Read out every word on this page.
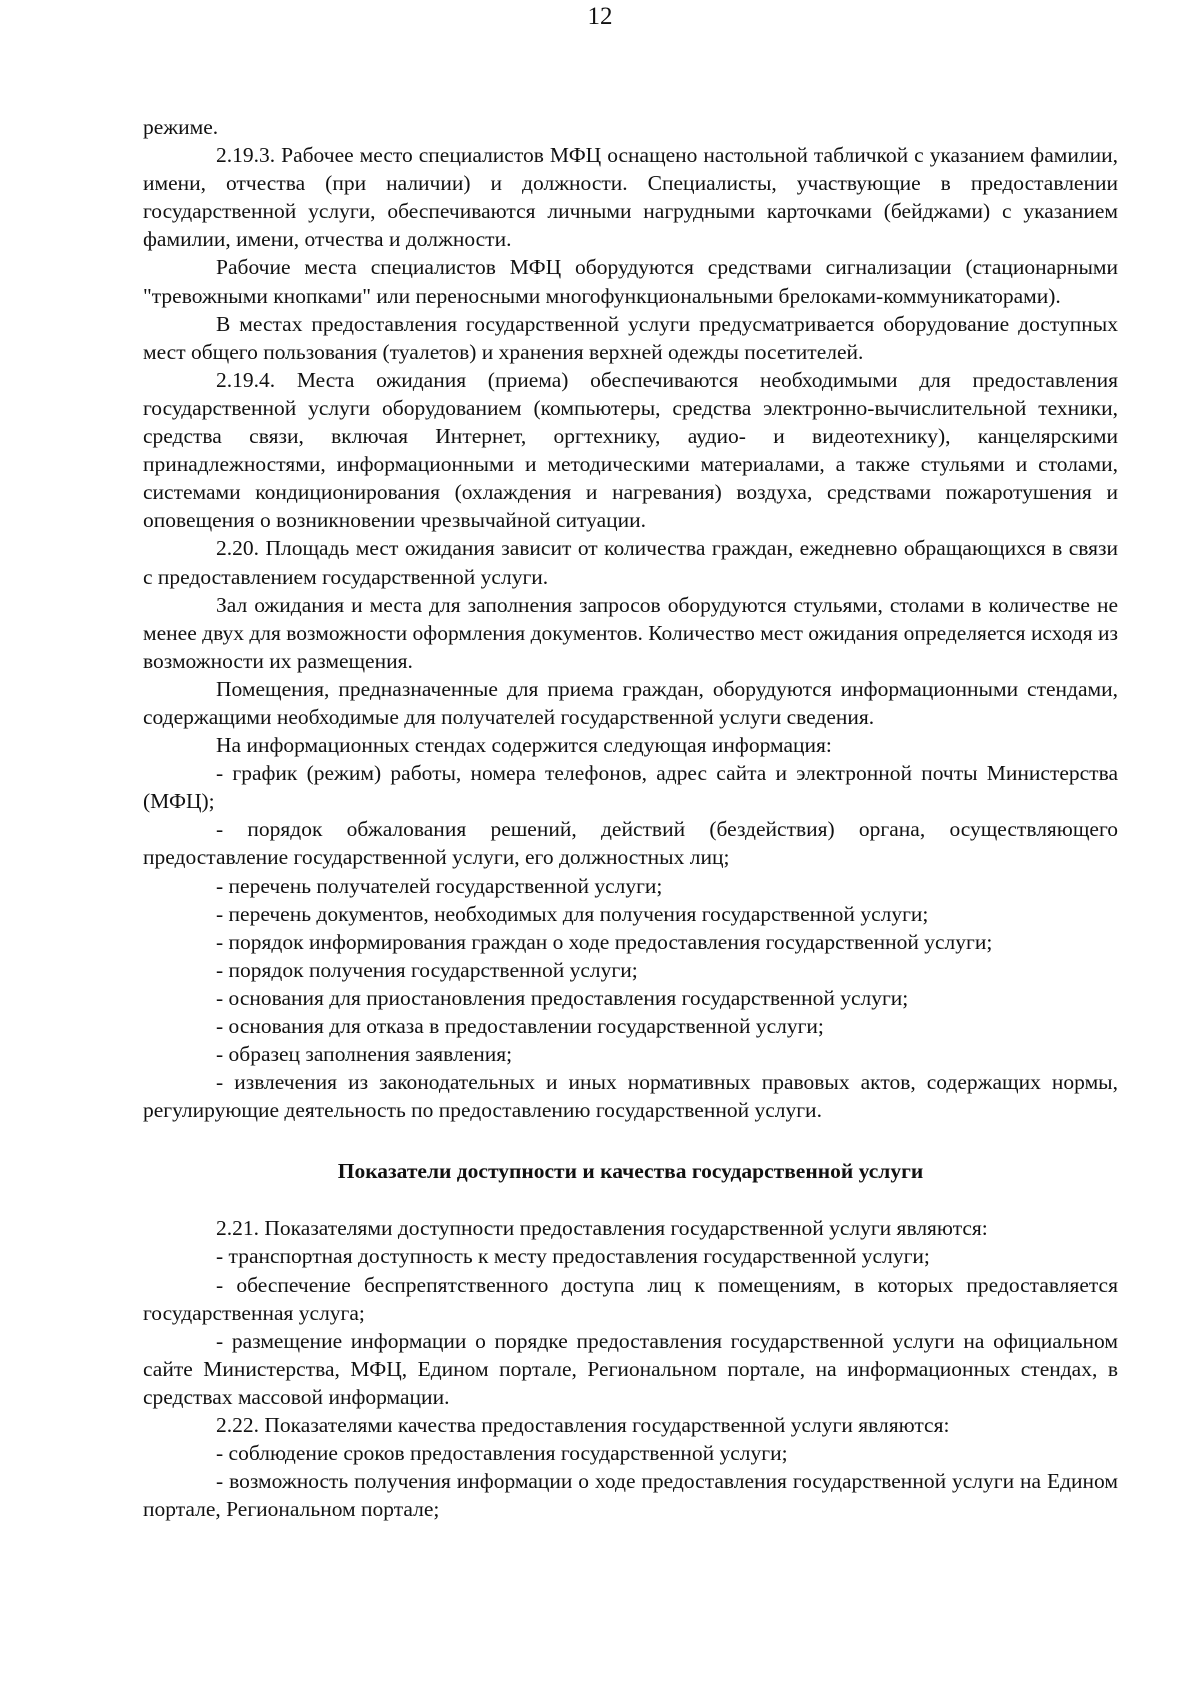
12

режиме.

2.19.3. Рабочее место специалистов МФЦ оснащено настольной табличкой с указанием фамилии, имени, отчества (при наличии) и должности. Специалисты, участвующие в предоставлении государственной услуги, обеспечиваются личными нагрудными карточками (бейджами) с указанием фамилии, имени, отчества и должности.

Рабочие места специалистов МФЦ оборудуются средствами сигнализации (стационарными "тревожными кнопками" или переносными многофункциональными брелоками-коммуникаторами).

В местах предоставления государственной услуги предусматривается оборудование доступных мест общего пользования (туалетов) и хранения верхней одежды посетителей.

2.19.4. Места ожидания (приема) обеспечиваются необходимыми для предоставления государственной услуги оборудованием (компьютеры, средства электронно-вычислительной техники, средства связи, включая Интернет, оргтехнику, аудио- и видеотехнику), канцелярскими принадлежностями, информационными и методическими материалами, а также стульями и столами, системами кондиционирования (охлаждения и нагревания) воздуха, средствами пожаротушения и оповещения о возникновении чрезвычайной ситуации.

2.20. Площадь мест ожидания зависит от количества граждан, ежедневно обращающихся в связи с предоставлением государственной услуги.

Зал ожидания и места для заполнения запросов оборудуются стульями, столами в количестве не менее двух для возможности оформления документов. Количество мест ожидания определяется исходя из возможности их размещения.

Помещения, предназначенные для приема граждан, оборудуются информационными стендами, содержащими необходимые для получателей государственной услуги сведения.

На информационных стендах содержится следующая информация:

- график (режим) работы, номера телефонов, адрес сайта и электронной почты Министерства (МФЦ);

- порядок обжалования решений, действий (бездействия) органа, осуществляющего предоставление государственной услуги, его должностных лиц;

- перечень получателей государственной услуги;

- перечень документов, необходимых для получения государственной услуги;

- порядок информирования граждан о ходе предоставления государственной услуги;

- порядок получения государственной услуги;

- основания для приостановления предоставления государственной услуги;

- основания для отказа в предоставлении государственной услуги;

- образец заполнения заявления;

- извлечения из законодательных и иных нормативных правовых актов, содержащих нормы, регулирующие деятельность по предоставлению государственной услуги.

Показатели доступности и качества государственной услуги

2.21. Показателями доступности предоставления государственной услуги являются:

- транспортная доступность к месту предоставления государственной услуги;

- обеспечение беспрепятственного доступа лиц к помещениям, в которых предоставляется государственная услуга;

- размещение информации о порядке предоставления государственной услуги на официальном сайте Министерства, МФЦ, Едином портале, Региональном портале, на информационных стендах, в средствах массовой информации.

2.22. Показателями качества предоставления государственной услуги являются:

- соблюдение сроков предоставления государственной услуги;

- возможность получения информации о ходе предоставления государственной услуги на Едином портале, Региональном портале;
